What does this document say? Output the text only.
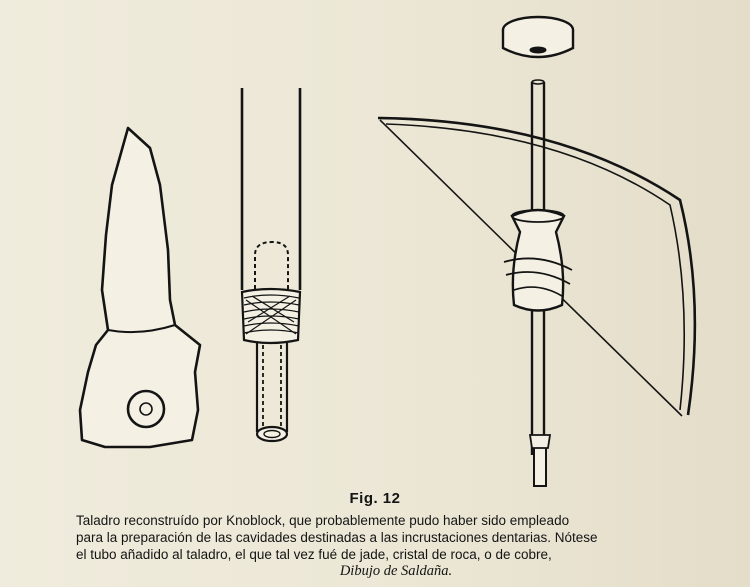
Fig. 12
Taladro reconstruído por Knoblock, que probablemente pudo haber sido empleado
para la preparación de las cavidades destinadas a las incrustaciones dentarias. Nótese
el tubo añadido al taladro, el que tal vez fué de jade, cristal de roca, o de cobre,
Dibujo de Saldaña.
